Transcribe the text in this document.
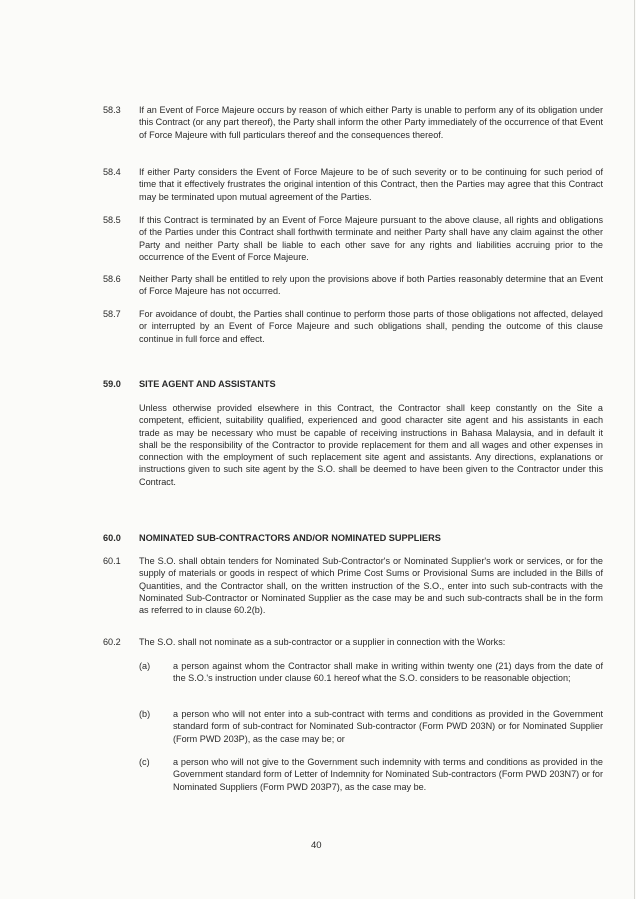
58.3	If an Event of Force Majeure occurs by reason of which either Party is unable to perform any of its obligation under this Contract (or any part thereof), the Party shall inform the other Party immediately of the occurrence of that Event of Force Majeure with full particulars thereof and the consequences thereof.
58.4	If either Party considers the Event of Force Majeure to be of such severity or to be continuing for such period of time that it effectively frustrates the original intention of this Contract, then the Parties may agree that this Contract may be terminated upon mutual agreement of the Parties.
58.5	If this Contract is terminated by an Event of Force Majeure pursuant to the above clause, all rights and obligations of the Parties under this Contract shall forthwith terminate and neither Party shall have any claim against the other Party and neither Party shall be liable to each other save for any rights and liabilities accruing prior to the occurrence of the Event of Force Majeure.
58.6	Neither Party shall be entitled to rely upon the provisions above if both Parties reasonably determine that an Event of Force Majeure has not occurred.
58.7	For avoidance of doubt, the Parties shall continue to perform those parts of those obligations not affected, delayed or interrupted by an Event of Force Majeure and such obligations shall, pending the outcome of this clause continue in full force and effect.
59.0 SITE AGENT AND ASSISTANTS
Unless otherwise provided elsewhere in this Contract, the Contractor shall keep constantly on the Site a competent, efficient, suitability qualified, experienced and good character site agent and his assistants in each trade as may be necessary who must be capable of receiving instructions in Bahasa Malaysia, and in default it shall be the responsibility of the Contractor to provide replacement for them and all wages and other expenses in connection with the employment of such replacement site agent and assistants. Any directions, explanations or instructions given to such site agent by the S.O. shall be deemed to have been given to the Contractor under this Contract.
60.0 NOMINATED SUB-CONTRACTORS AND/OR NOMINATED SUPPLIERS
60.1	The S.O. shall obtain tenders for Nominated Sub-Contractor's or Nominated Supplier's work or services, or for the supply of materials or goods in respect of which Prime Cost Sums or Provisional Sums are included in the Bills of Quantities, and the Contractor shall, on the written instruction of the S.O., enter into such sub-contracts with the Nominated Sub-Contractor or Nominated Supplier as the case may be and such sub-contracts shall be in the form as referred to in clause 60.2(b).
60.2	The S.O. shall not nominate as a sub-contractor or a supplier in connection with the Works:
(a)	a person against whom the Contractor shall make in writing within twenty one (21) days from the date of the S.O.'s instruction under clause 60.1 hereof what the S.O. considers to be reasonable objection;
(b)	a person who will not enter into a sub-contract with terms and conditions as provided in the Government standard form of sub-contract for Nominated Sub-contractor (Form PWD 203N) or for Nominated Supplier (Form PWD 203P), as the case may be; or
(c)	a person who will not give to the Government such indemnity with terms and conditions as provided in the Government standard form of Letter of Indemnity for Nominated Sub-contractors (Form PWD 203N7) or for Nominated Suppliers (Form PWD 203P7), as the case may be.
40
